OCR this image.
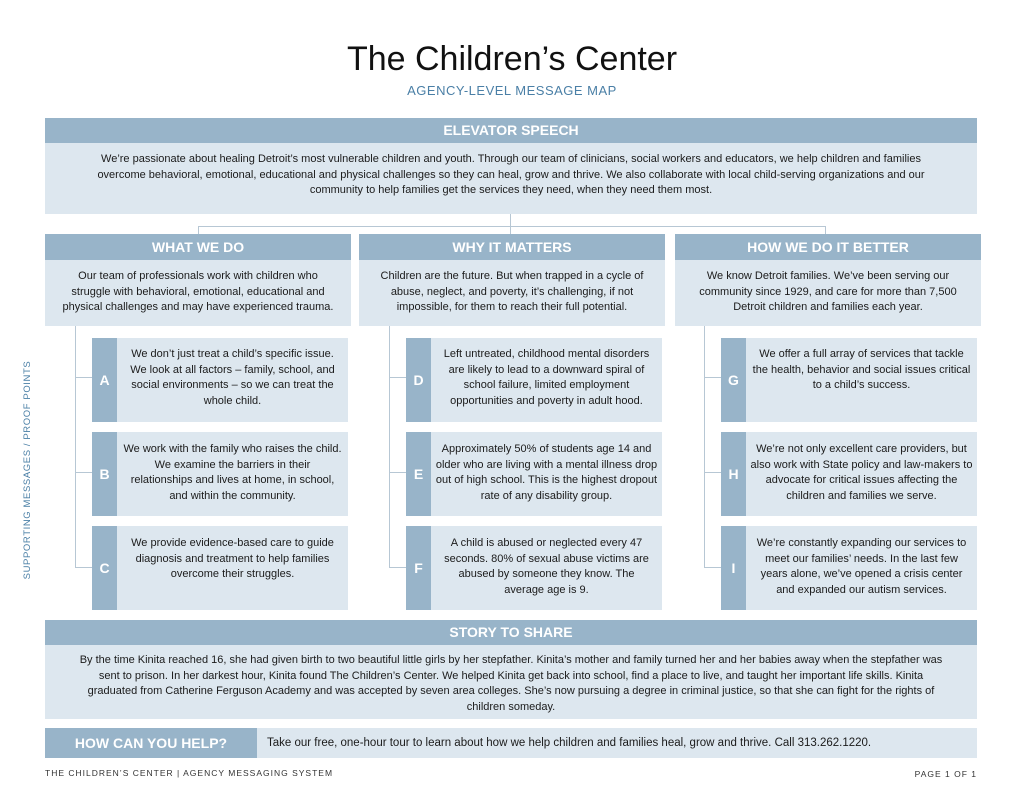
The Children’s Center
AGENCY-LEVEL MESSAGE MAP
ELEVATOR SPEECH
We’re passionate about healing Detroit’s most vulnerable children and youth. Through our team of clinicians, social workers and educators, we help children and families overcome behavioral, emotional, educational and physical challenges so they can heal, grow and thrive. We also collaborate with local child-serving organizations and our community to help families get the services they need, when they need them most.
SUPPORTING MESSAGES / PROOF POINTS
WHAT WE DO
Our team of professionals work with children who struggle with behavioral, emotional, educational and physical challenges and may have experienced trauma.
WHY IT MATTERS
Children are the future. But when trapped in a cycle of abuse, neglect, and poverty, it’s challenging, if not impossible, for them to reach their full potential.
HOW WE DO IT BETTER
We know Detroit families. We’ve been serving our community since 1929, and care for more than 7,500 Detroit children and families each year.
A
We don’t just treat a child’s specific issue. We look at all factors – family, school, and social environments – so we can treat the whole child.
B
We work with the family who raises the child. We examine the barriers in their relationships and lives at home, in school, and within the community.
C
We provide evidence-based care to guide diagnosis and treatment to help families overcome their struggles.
D
Left untreated, childhood mental disorders are likely to lead to a downward spiral of school failure, limited employment opportunities and poverty in adult hood.
E
Approximately 50% of students age 14 and older who are living with a mental illness drop out of high school. This is the highest dropout rate of any disability group.
F
A child is abused or neglected every 47 seconds. 80% of sexual abuse victims are abused by someone they know. The average age is 9.
G
We offer a full array of services that tackle the health, behavior and social issues critical to a child’s success.
H
We’re not only excellent care providers, but also work with State policy and law-makers to advocate for critical issues affecting the children and families we serve.
I
We’re constantly expanding our services to meet our families’ needs. In the last few years alone, we’ve opened a crisis center and expanded our autism services.
STORY TO SHARE
By the time Kinita reached 16, she had given birth to two beautiful little girls by her stepfather. Kinita’s mother and family turned her and her babies away when the stepfather was sent to prison. In her darkest hour, Kinita found The Children’s Center. We helped Kinita get back into school, find a place to live, and taught her important life skills. Kinita graduated from Catherine Ferguson Academy and was accepted by seven area colleges. She’s now pursuing a degree in criminal justice, so that she can fight for the rights of children someday.
HOW CAN YOU HELP?	Take our free, one-hour tour to learn about how we help children and families heal, grow and thrive. Call 313.262.1220.
THE CHILDREN’S CENTER | AGENCY MESSAGING SYSTEM	PAGE 1 OF 1
